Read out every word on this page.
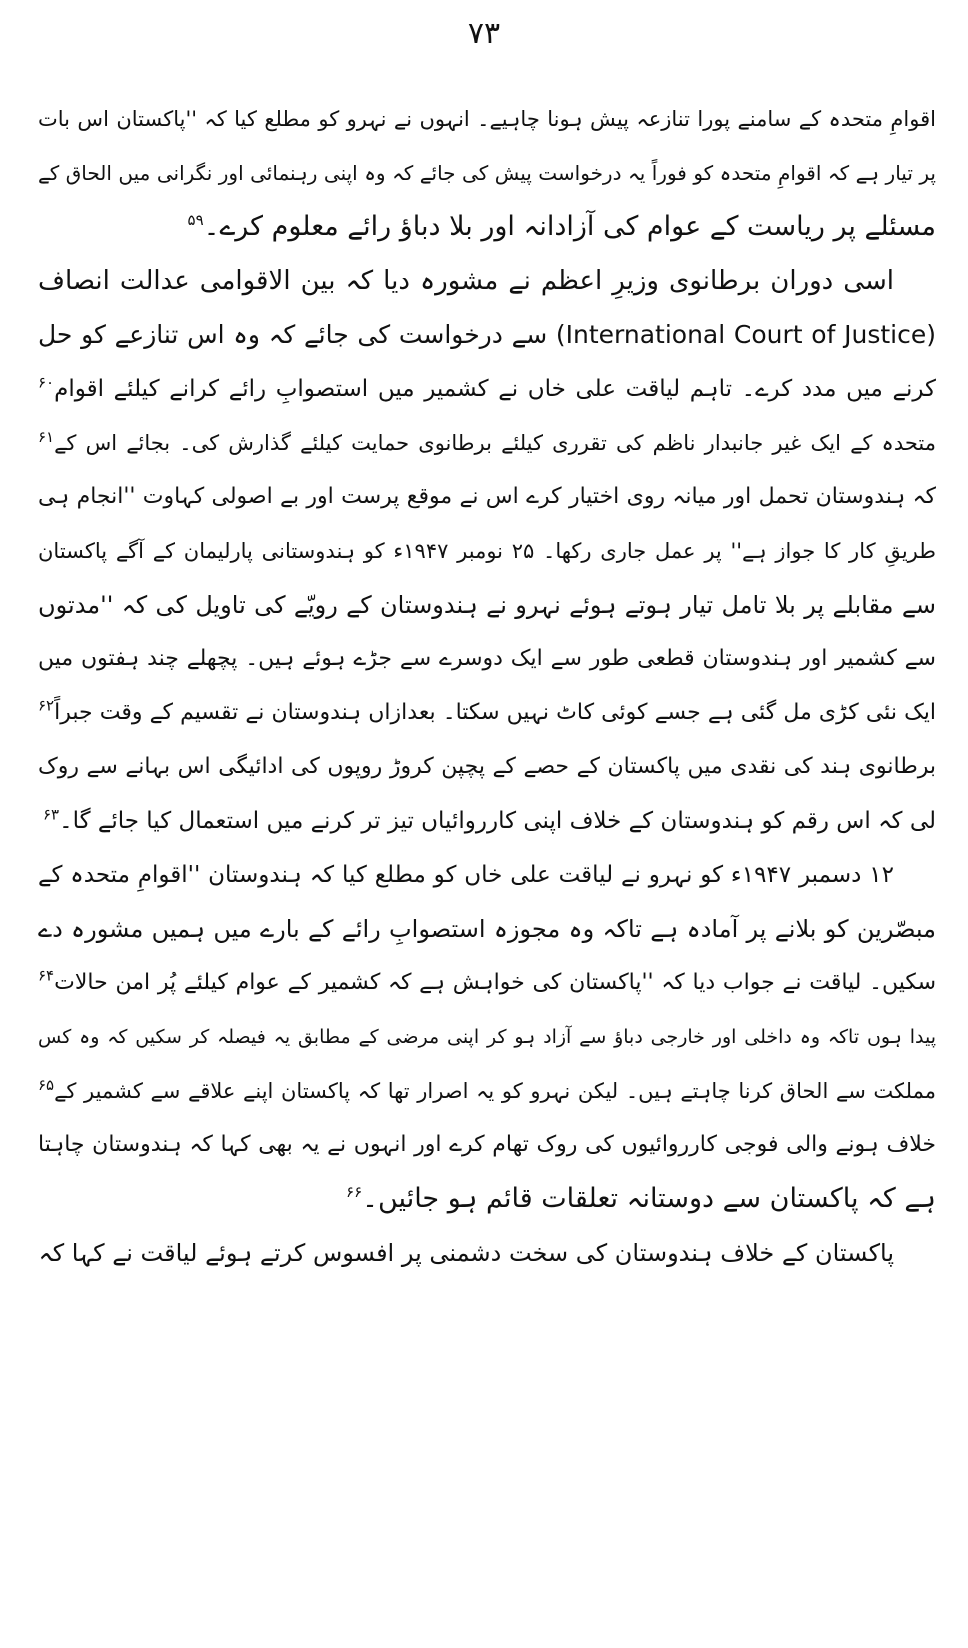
۷۳
اقوامِ متحدہ کے سامنے پورا تنازعہ پیش ہونا چاہیے۔ انہوں نے نہرو کو مطلع کیا کہ ''پاکستان اس بات
پر تیار ہے کہ اقوامِ متحدہ کو فوراً یہ درخواست پیش کی جائے کہ وہ اپنی رہنمائی اور نگرانی میں الحاق کے
مسئلے پر ریاست کے عوام کی آزادانہ اور بلا دباؤ رائے معلوم کرے۔$^{۵۹}$
اسی دوران برطانوی وزیرِ اعظم نے مشورہ دیا کہ بین الاقوامی عدالت انصاف
(International Court of Justice) سے درخواست کی جائے کہ وہ اس تنازعے کو حل
کرنے میں مدد کرے۔ تاہم لیاقت علی خاں نے کشمیر میں استصوابِ رائے کرانے کیلئے اقوام$^{۶۰}$
متحدہ کے ایک غیر جانبدار ناظم کی تقرری کیلئے برطانوی حمایت کیلئے گذارش کی۔ بجائے اس کے$^{۶۱}$
کہ ہندوستان تحمل اور میانہ روی اختیار کرے اس نے موقع پرست اور بے اصولی کہاوت ''انجام ہی
طریقِ کار کا جواز ہے'' پر عمل جاری رکھا۔ ۲۵ نومبر ۱۹۴۷ء کو ہندوستانی پارلیمان کے آگے پاکستان
سے مقابلے پر بلا تامل تیار ہوتے ہوئے نہرو نے ہندوستان کے رویّے کی تاویل کی کہ ''مدتوں
سے کشمیر اور ہندوستان قطعی طور سے ایک دوسرے سے جڑے ہوئے ہیں۔ پچھلے چند ہفتوں میں
ایک نئی کڑی مل گئی ہے جسے کوئی کاٹ نہیں سکتا۔ بعدازاں ہندوستان نے تقسیم کے وقت جبراً$^{۶۲}$
برطانوی ہند کی نقدی میں پاکستان کے حصے کے پچپن کروڑ روپوں کی ادائیگی اس بہانے سے روک
لی کہ اس رقم کو ہندوستان کے خلاف اپنی کارروائیاں تیز تر کرنے میں استعمال کیا جائے گا۔$^{۶۳}$
۱۲ دسمبر ۱۹۴۷ء کو نہرو نے لیاقت علی خاں کو مطلع کیا کہ ہندوستان ''اقوامِ متحدہ کے
مبصّرین کو بلانے پر آمادہ ہے تاکہ وہ مجوزہ استصوابِ رائے کے بارے میں ہمیں مشورہ دے
سکیں۔ لیاقت نے جواب دیا کہ ''پاکستان کی خواہش ہے کہ کشمیر کے عوام کیلئے پُر امن حالات$^{۶۴}$
پیدا ہوں تاکہ وہ داخلی اور خارجی دباؤ سے آزاد ہو کر اپنی مرضی کے مطابق یہ فیصلہ کر سکیں کہ وہ کس
مملکت سے الحاق کرنا چاہتے ہیں۔ لیکن نہرو کو یہ اصرار تھا کہ پاکستان اپنے علاقے سے کشمیر کے$^{۶۵}$
خلاف ہونے والی فوجی کارروائیوں کی روک تھام کرے اور انہوں نے یہ بھی کہا کہ ہندوستان چاہتا
ہے کہ پاکستان سے دوستانہ تعلقات قائم ہو جائیں۔$^{۶۶}$
پاکستان کے خلاف ہندوستان کی سخت دشمنی پر افسوس کرتے ہوئے لیاقت نے کہا کہ
